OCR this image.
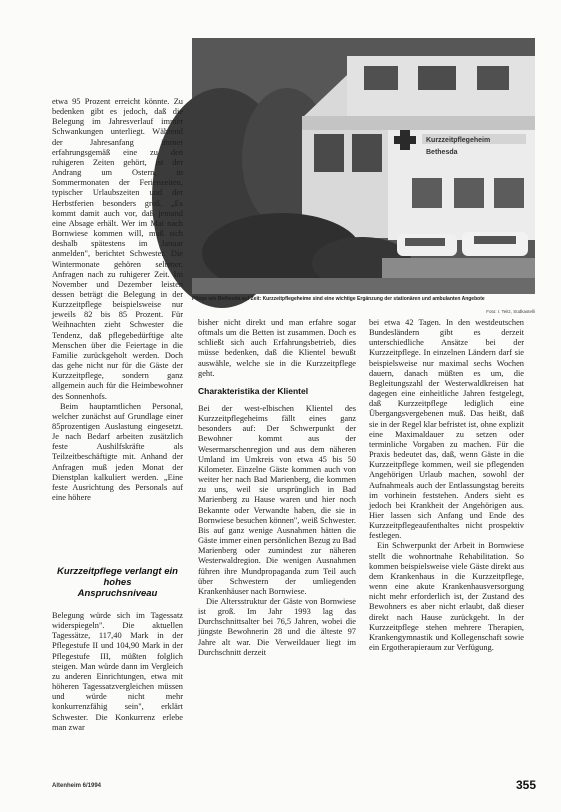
Kurzzeitpflegeheim
Bethesda
Pflege wie Bethesda auf Zeit: Kurzzeitpflegeheime sind eine wichtige Ergänzung der stationären und ambulanten Angebote
Foto: I. Teitz, Südkastelli

etwa 95 Prozent erreicht könnte. Zu bedenken gibt es jedoch, daß die Belegung im Jahresverlauf immer Schwankungen unterliegt. Während der Jahresanfang immer erfahrungsgemäß eine zu den ruhigeren Zeiten gehört, ist der Andrang um Ostern, in Sommermonaten der Ferienzeiten, typischer Urlaubszeiten und der Herbstferien besonders groß. „Es kommt damit auch vor, daß jemand eine Absage erhält. Wer im Mai nach Bornwiese kommen will, muß sich deshalb spätestens im Januar anmelden", berichtet Schwester. Die Wintermonate gehören seltener. Anfragen nach zu ruhigerer Zeit. Im November und Dezember leisten dessen beträgt die Belegung in der Kurzzeitpflege beispielsweise nur jeweils 82 bis 85 Prozent. Für Weihnachten zieht Schwester die Tendenz, daß pflegebedürftige alte Menschen über die Feiertage in die Familie zurückgeholt werden. Doch das gehe nicht nur für die Gäste der Kurzzeitpflege, sondern ganz allgemein auch für die Heimbewohner des Sonnenhofs.

Beim hauptamtlichen Personal, welcher zunächst auf Grundlage einer 85prozentigen Auslastung eingesetzt. Je nach Bedarf arbeiten zusätzlich feste Aushilfskräfte als Teilzeitbeschäftigte mit. Anhand der Anfragen muß jeden Monat der Dienstplan kalkuliert werden. „Eine feste Ausrichtung des Personals auf eine höhere

Kurzzeitpflege verlangt ein hohes
Anspruchsniveau

Belegung würde sich im Tagessatz widerspiegeln". Die aktuellen Tagessätze, 117,40 Mark in der Pflegestufe II und 104,90 Mark in der Pflegestufe III, müßten folglich steigen. Man würde dann im Vergleich zu anderen Einrichtungen, etwa mit höheren Tagessatzvergleichen müssen und würde nicht mehr konkurrenzfähig sein", erklärt Schwester. Die Konkurrenz erlebe man zwar

bisher nicht direkt und man erfahre sogar oftmals um die Betten ist zusammen. Doch es schließt sich auch Erfahrungsbetrieb, dies müsse bedenken, daß die Klientel bewußt auswähle, welche sie in die Kurzzeitpflege geht.

Charakteristika der Klientel

Bei der west-elbischen Klientel des Kurzzeitpflegeheims fällt eines ganz besonders auf: Der Schwerpunkt der Bewohner kommt aus der Wesermarschenregion und aus dem näheren Umland im Umkreis von etwa 45 bis 50 Kilometer. Einzelne Gäste kommen auch von weiter her nach Bad Marienberg, die kommen zu uns, weil sie ursprünglich in Bad Marienberg zu Hause waren und hier noch Bekannte oder Verwandte haben, die sie in Bornwiese besuchen können", weiß Schwester. Bis auf ganz wenige Ausnahmen hätten die Gäste immer einen persönlichen Bezug zu Bad Marienberg oder zumindest zur näheren Westerwaldregion. Die wenigen Ausnahmen führen ihre Mundpropaganda zum Teil auch über Schwestern der umliegenden Krankenhäuser nach Bornwiese.

Die Altersstruktur der Gäste von Bornwiese ist groß. Im Jahr 1993 lag das Durchschnittsalter bei 76,5 Jahren, wobei die jüngste Bewohnerin 28 und die älteste 97 Jahre alt war. Die Verweildauer liegt im Durchschnitt derzeit

bei etwa 42 Tagen. In den westdeutschen Bundesländern gibt es derzeit unterschiedliche Ansätze bei der Kurzzeitpflege. In einzelnen Ländern darf sie beispielsweise nur maximal sechs Wochen dauern, danach müßten es um, die Begleitungszahl der Westerwaldkreisen hat dagegen eine einheitliche Jahren festgelegt, daß Kurzzeitpflege lediglich eine Übergangsvergebenen muß. Das heißt, daß sie in der Regel klar befristet ist, ohne explizit eine Maximaldauer zu setzen oder terminliche Vorgaben zu machen. Für die Praxis bedeutet das, daß, wenn Gäste in die Kurzzeitpflege kommen, weil sie pflegenden Angehörigen Urlaub machen, sowohl der Aufnahmeals auch der Entlassungstag bereits im vorhinein feststehen. Anders sieht es jedoch bei Krankheit der Angehörigen aus. Hier lassen sich Anfang und Ende des Kurzzeitpflegeaufenthaltes nicht prospektiv festlegen.

Ein Schwerpunkt der Arbeit in Bornwiese stellt die wohnortnahe Rehabilitation. So kommen beispielsweise viele Gäste direkt aus dem Krankenhaus in die Kurzzeitpflege, wenn eine akute Krankenhausversorgung nicht mehr erforderlich ist, der Zustand des Bewohners es aber nicht erlaubt, daß dieser direkt nach Hause zurückgeht. In der Kurzzeitpflege stehen mehrere Therapien, Krankengymnastik und Kollegenschaft sowie ein Ergotherapieraum zur Verfügung.

Altenheim 6/1994	355
